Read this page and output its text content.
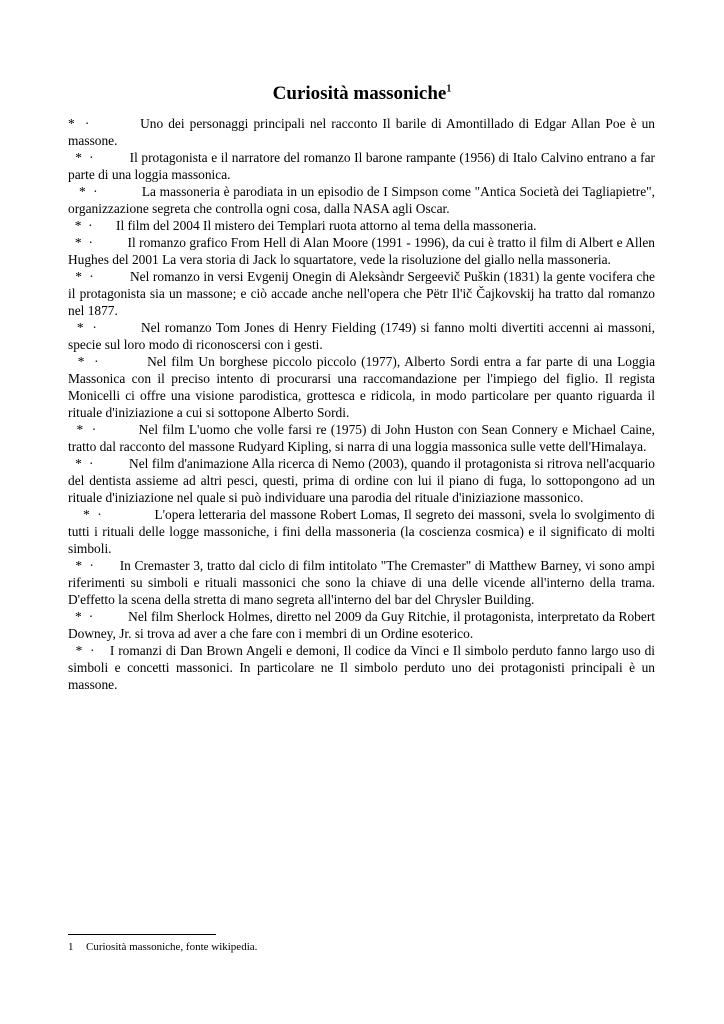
Curiosità massoniche$^1$

*  ·	Uno dei personaggi principali nel racconto Il barile di Amontillado di Edgar Allan Poe è un massone.

*  ·	Il protagonista e il narratore del romanzo Il barone rampante (1956) di Italo Calvino entrano a far parte di una loggia massonica.

*  ·	La massoneria è parodiata in un episodio de I Simpson come "Antica Società dei Tagliapietre", organizzazione segreta che controlla ogni cosa, dalla NASA agli Oscar.

*  · Il film del 2004 Il mistero dei Templari ruota attorno al tema della massoneria.

*  ·	Il romanzo grafico From Hell di Alan Moore (1991 - 1996), da cui è tratto il film di Albert e Allen Hughes del 2001 La vera storia di Jack lo squartatore, vede la risoluzione del giallo nella massoneria.

*  ·	Nel romanzo in versi Evgenij Onegin di Aleksàndr Sergeevič Puškin (1831) la gente vocifera che il protagonista sia un massone; e ciò accade anche nell'opera che Pëtr Il'ič Čajkovskij ha tratto dal romanzo nel 1877.

*  ·	Nel romanzo Tom Jones di Henry Fielding (1749) si fanno molti divertiti accenni ai massoni, specie sul loro modo di riconoscersi con i gesti.

*  ·	Nel film Un borghese piccolo piccolo (1977), Alberto Sordi entra a far parte di una Loggia Massonica con il preciso intento di procurarsi una raccomandazione per l'impiego del figlio. Il regista Monicelli ci offre una visione parodistica, grottesca e ridicola, in modo particolare per quanto riguarda il rituale d'iniziazione a cui si sottopone Alberto Sordi.

*  ·	Nel film L'uomo che volle farsi re (1975) di John Huston con Sean Connery e Michael Caine, tratto dal racconto del massone Rudyard Kipling, si narra di una loggia massonica sulle vette dell'Himalaya.

*  ·	Nel film d'animazione Alla ricerca di Nemo (2003), quando il protagonista si ritrova nell'acquario del dentista assieme ad altri pesci, questi, prima di ordine con lui il piano di fuga, lo sottopongono ad un rituale d'iniziazione nel quale si può individuare una parodia del rituale d'iniziazione massonico.

*  ·	L'opera letteraria del massone Robert Lomas, Il segreto dei massoni, svela lo svolgimento di tutti i rituali delle logge massoniche, i fini della massoneria (la coscienza cosmica) e il significato di molti simboli.

*  · In Cremaster 3, tratto dal ciclo di film intitolato "The Cremaster" di Matthew Barney, vi sono ampi riferimenti su simboli e rituali massonici che sono la chiave di una delle vicende all'interno della trama. D'effetto la scena della stretta di mano segreta all'interno del bar del Chrysler Building.

*  ·	Nel film Sherlock Holmes, diretto nel 2009 da Guy Ritchie, il protagonista, interpretato da Robert Downey, Jr. si trova ad aver a che fare con i membri di un Ordine esoterico.

*  · I romanzi di Dan Brown Angeli e demoni, Il codice da Vinci e Il simbolo perduto fanno largo uso di simboli e concetti massonici. In particolare ne Il simbolo perduto uno dei protagonisti principali è un massone.

1 Curiosità massoniche, fonte wikipedia.
